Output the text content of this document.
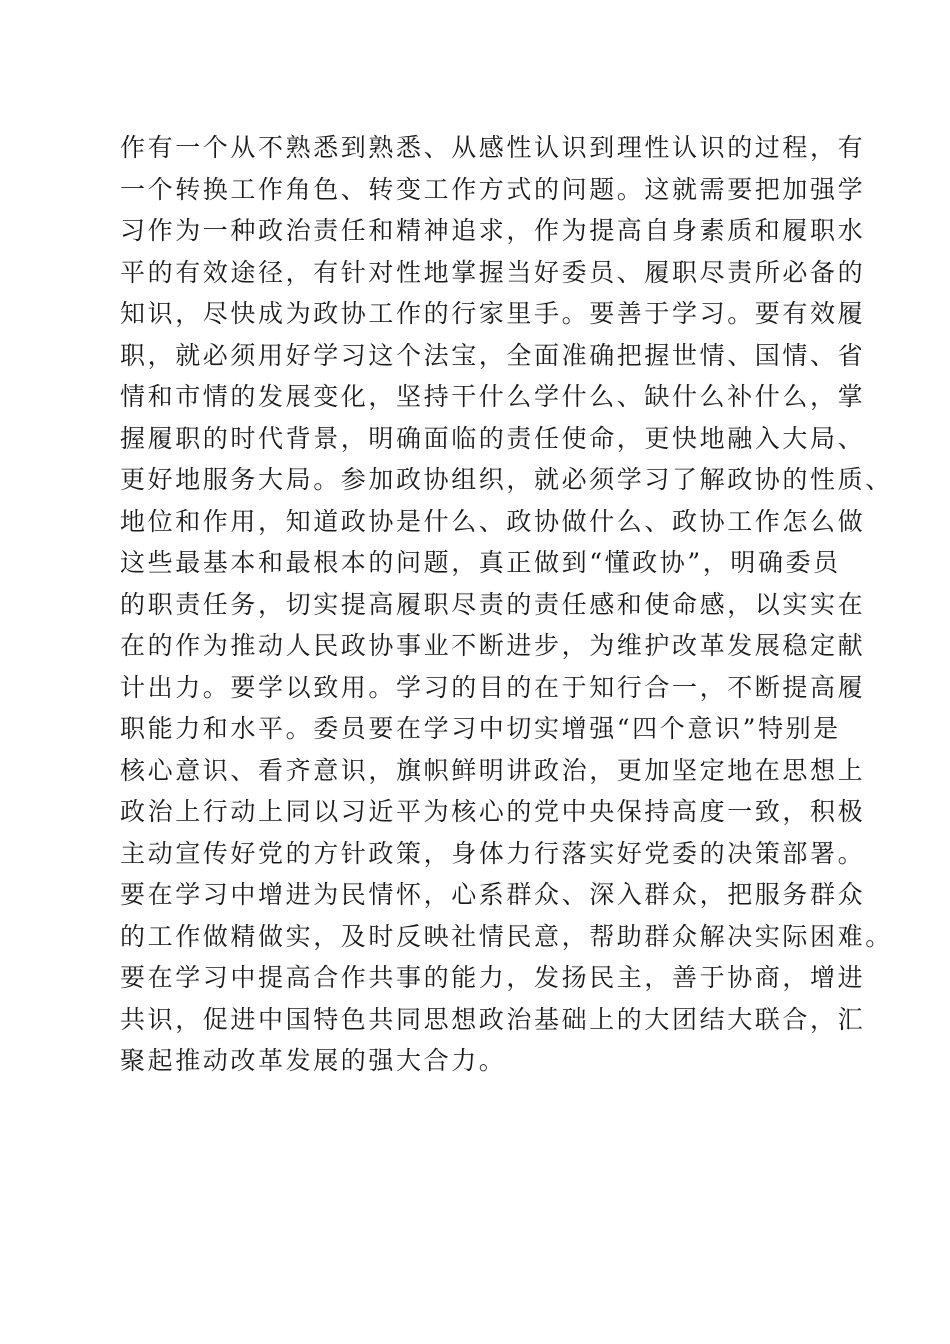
作有一个从不熟悉到熟悉、从感性认识到理性认识的过程，有
一个转换工作角色、转变工作方式的问题。这就需要把加强学
习作为一种政治责任和精神追求，作为提高自身素质和履职水
平的有效途径，有针对性地掌握当好委员、履职尽责所必备的
知识，尽快成为政协工作的行家里手。要善于学习。要有效履
职，就必须用好学习这个法宝，全面准确把握世情、国情、省
情和市情的发展变化，坚持干什么学什么、缺什么补什么，掌
握履职的时代背景，明确面临的责任使命，更快地融入大局、
更好地服务大局。参加政协组织，就必须学习了解政协的性质、
地位和作用，知道政协是什么、政协做什么、政协工作怎么做
这些最基本和最根本的问题，真正做到“懂政协”，明确委员
的职责任务，切实提高履职尽责的责任感和使命感，以实实在
在的作为推动人民政协事业不断进步，为维护改革发展稳定献
计出力。要学以致用。学习的目的在于知行合一，不断提高履
职能力和水平。委员要在学习中切实增强“四个意识”特别是
核心意识、看齐意识，旗帜鲜明讲政治，更加坚定地在思想上
政治上行动上同以习近平为核心的党中央保持高度一致，积极
主动宣传好党的方针政策，身体力行落实好党委的决策部署。
要在学习中增进为民情怀，心系群众、深入群众，把服务群众
的工作做精做实，及时反映社情民意，帮助群众解决实际困难。
要在学习中提高合作共事的能力，发扬民主，善于协商，增进
共识，促进中国特色共同思想政治基础上的大团结大联合，汇
聚起推动改革发展的强大合力。
